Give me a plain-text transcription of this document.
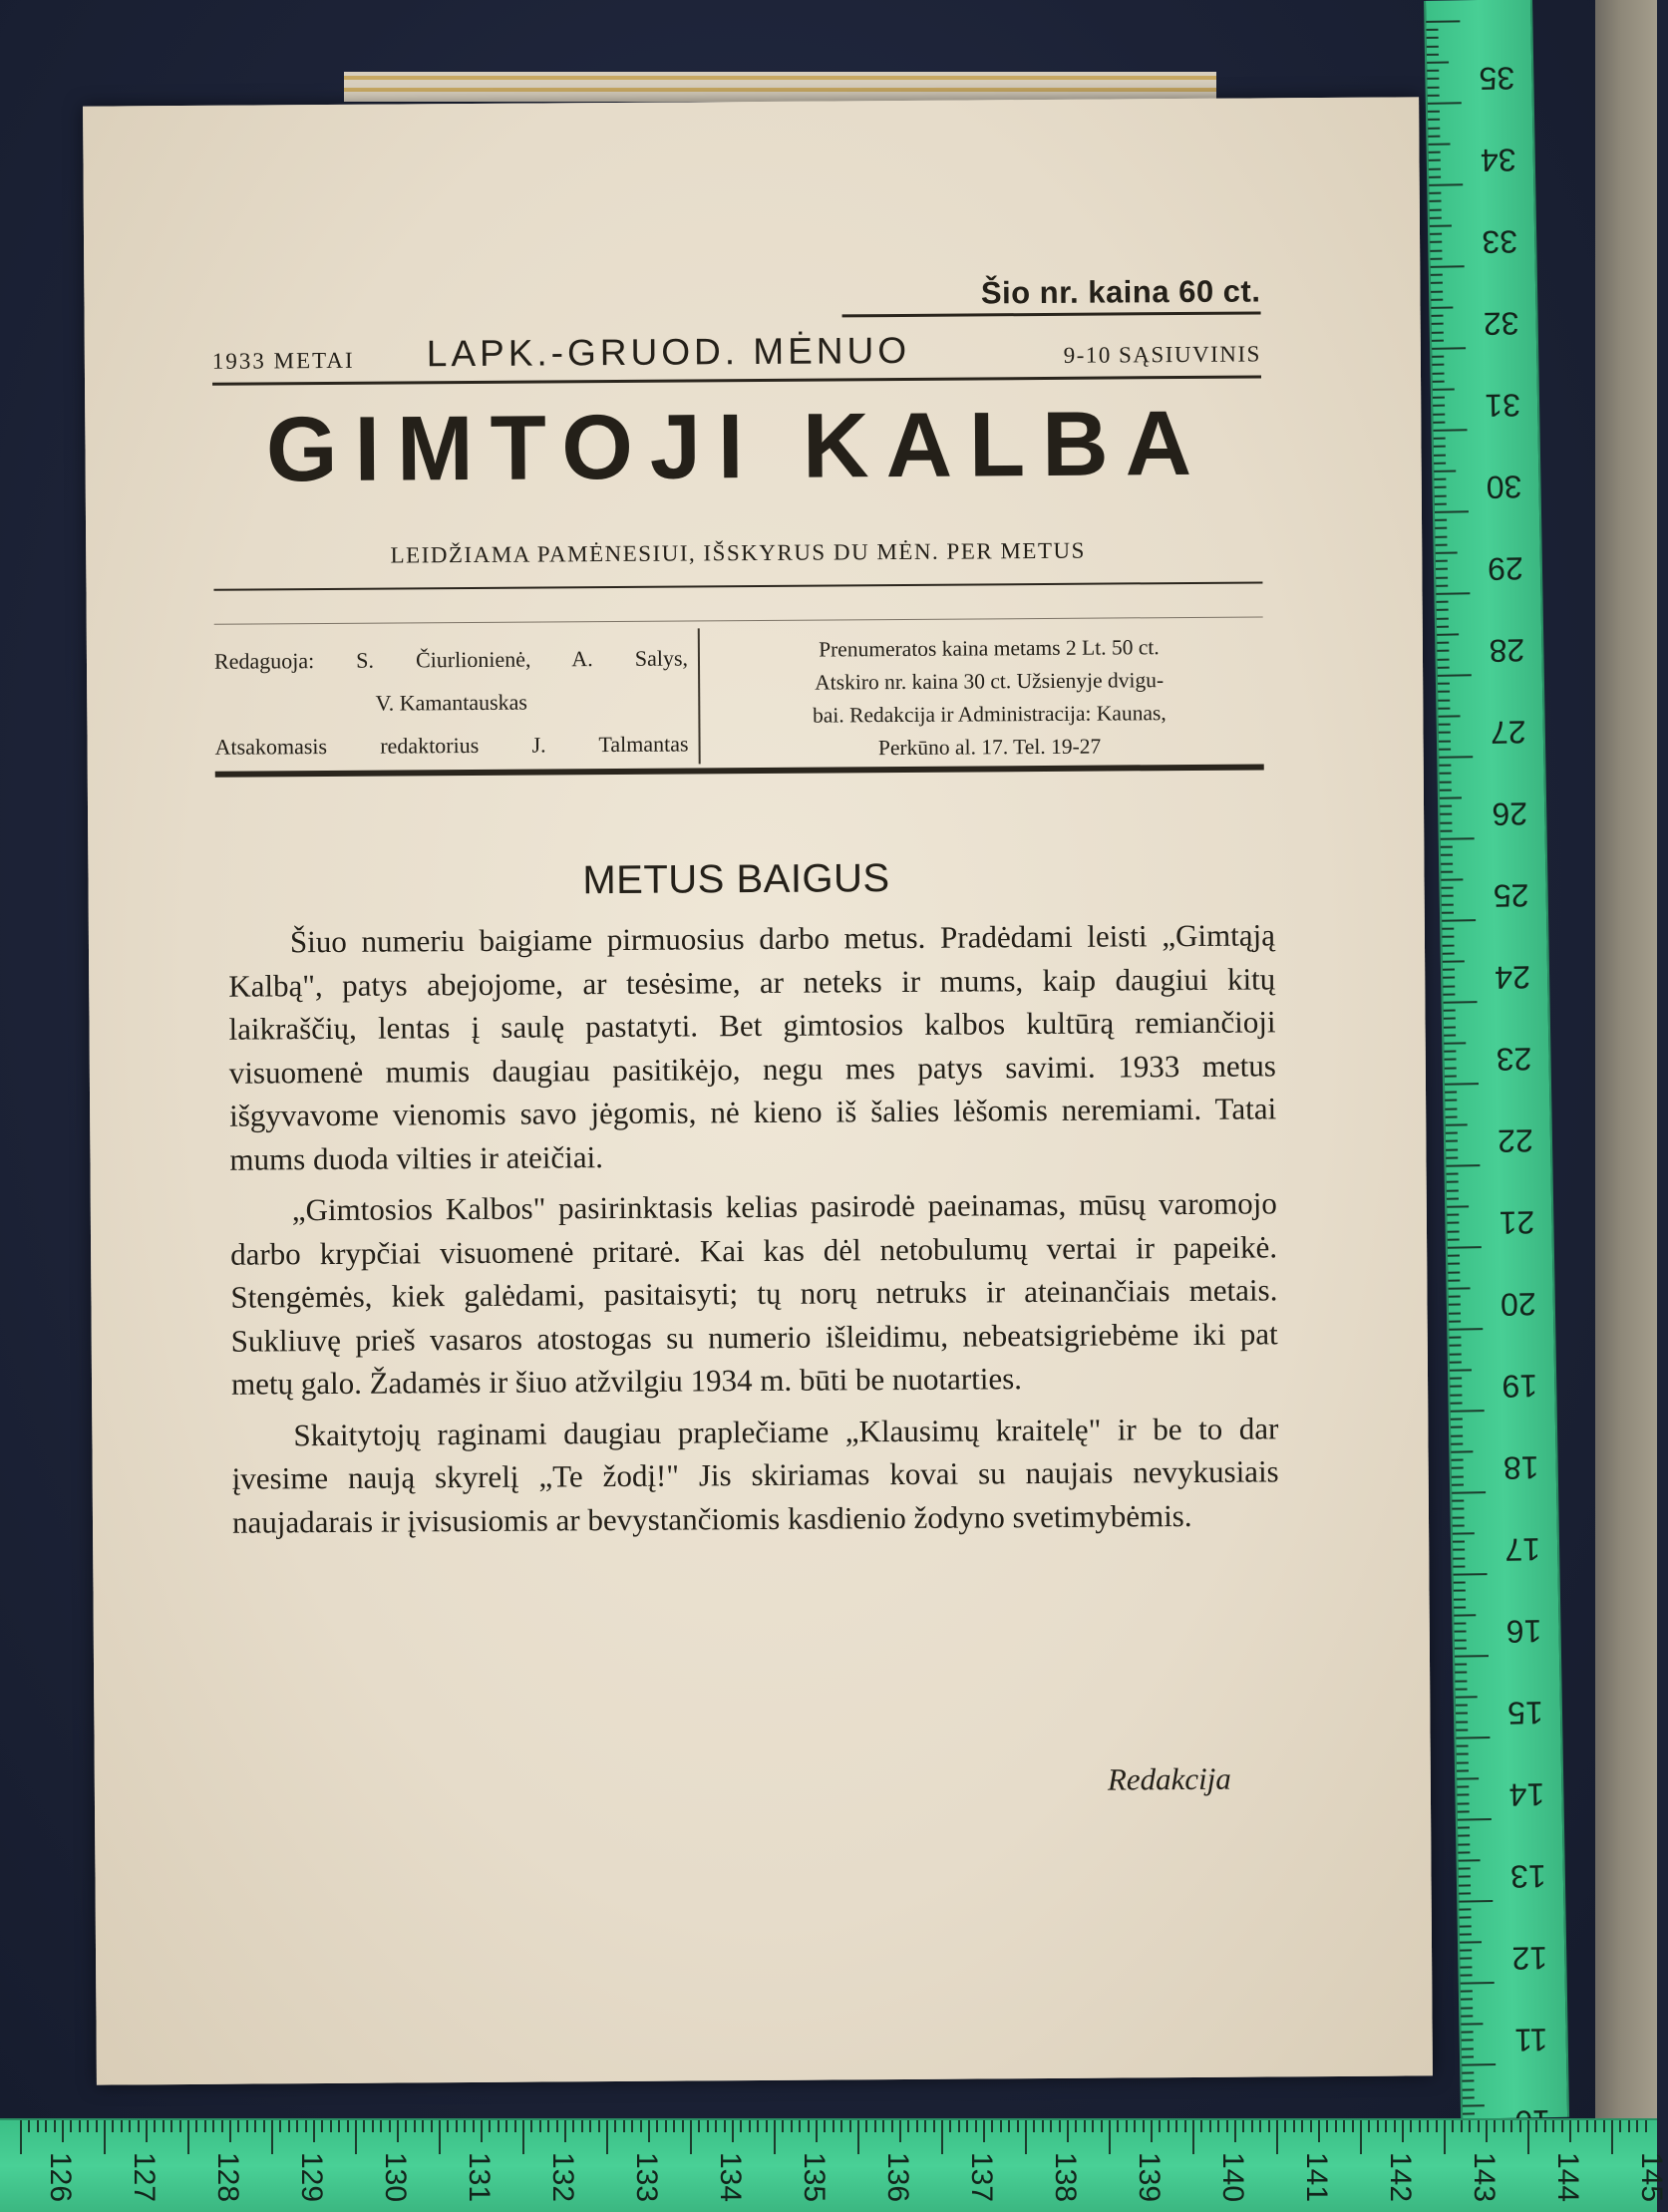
Šio nr. kaina 60 ct.
1933 METAI LAPK.-GRUOD. MĖNUO	9-10 SĄSIUVINIS
GIMTOJI KALBA
LEIDŽIAMA PAMĖNESIUI, IŠSKYRUS DU MĖN. PER METUS
Redaguoja: S. Čiurlionienė, A. Salys,
V. Kamantauskas
Atsakomasis redaktorius J. Talmantas
Prenumeratos kaina metams 2 Lt. 50 ct.
Atskiro nr. kaina 30 ct. Užsienyje dvigu-
bai. Redakcija ir Administracija: Kaunas,
Perkūno al. 17. Tel. 19-27
METUS BAIGUS

Šiuo numeriu baigiame pirmuosius darbo metus. Pradėdami leisti „Gimtąją Kalbą", patys abejojome, ar tesėsime, ar neteks ir mums, kaip daugiui kitų laikraščių, lentas į saulę pastatyti. Bet gimtosios kalbos kultūrą remiančioji visuomenė mumis daugiau pasitikėjo, negu mes patys savimi. 1933 metus išgyvavome vienomis savo jėgomis, nė kieno iš šalies lėšomis neremiami. Tatai mums duoda vilties ir ateičiai.

„Gimtosios Kalbos" pasirinktasis kelias pasirodė paeinamas, mūsų varomojo darbo krypčiai visuomenė pritarė. Kai kas dėl netobulumų vertai ir papeikė. Stengėmės, kiek galėdami, pasitaisyti; tų norų netruks ir ateinančiais metais. Sukliuvę prieš vasaros atostogas su numerio išleidimu, nebeatsigriebėme iki pat metų galo. Žadamės ir šiuo atžvilgiu 1934 m. būti be nuotarties.

Skaitytojų raginami daugiau praplečiame „Klausimų kraitelę" ir be to dar įvesime naują skyrelį „Te žodį!" Jis skiriamas kovai su naujais nevykusiais naujadarais ir įvisusiomis ar bevystančiomis kasdienio žodyno svetimybėmis.

Redakcija
35
34
33
32
31
30
29
28
27
26
25
24
23
22
21
20
19
18
17
16
15
14
13
12
11
126 127 128 129 130 131 132 133 134 135 136 137 138 139 140 141 142 143 144 145
